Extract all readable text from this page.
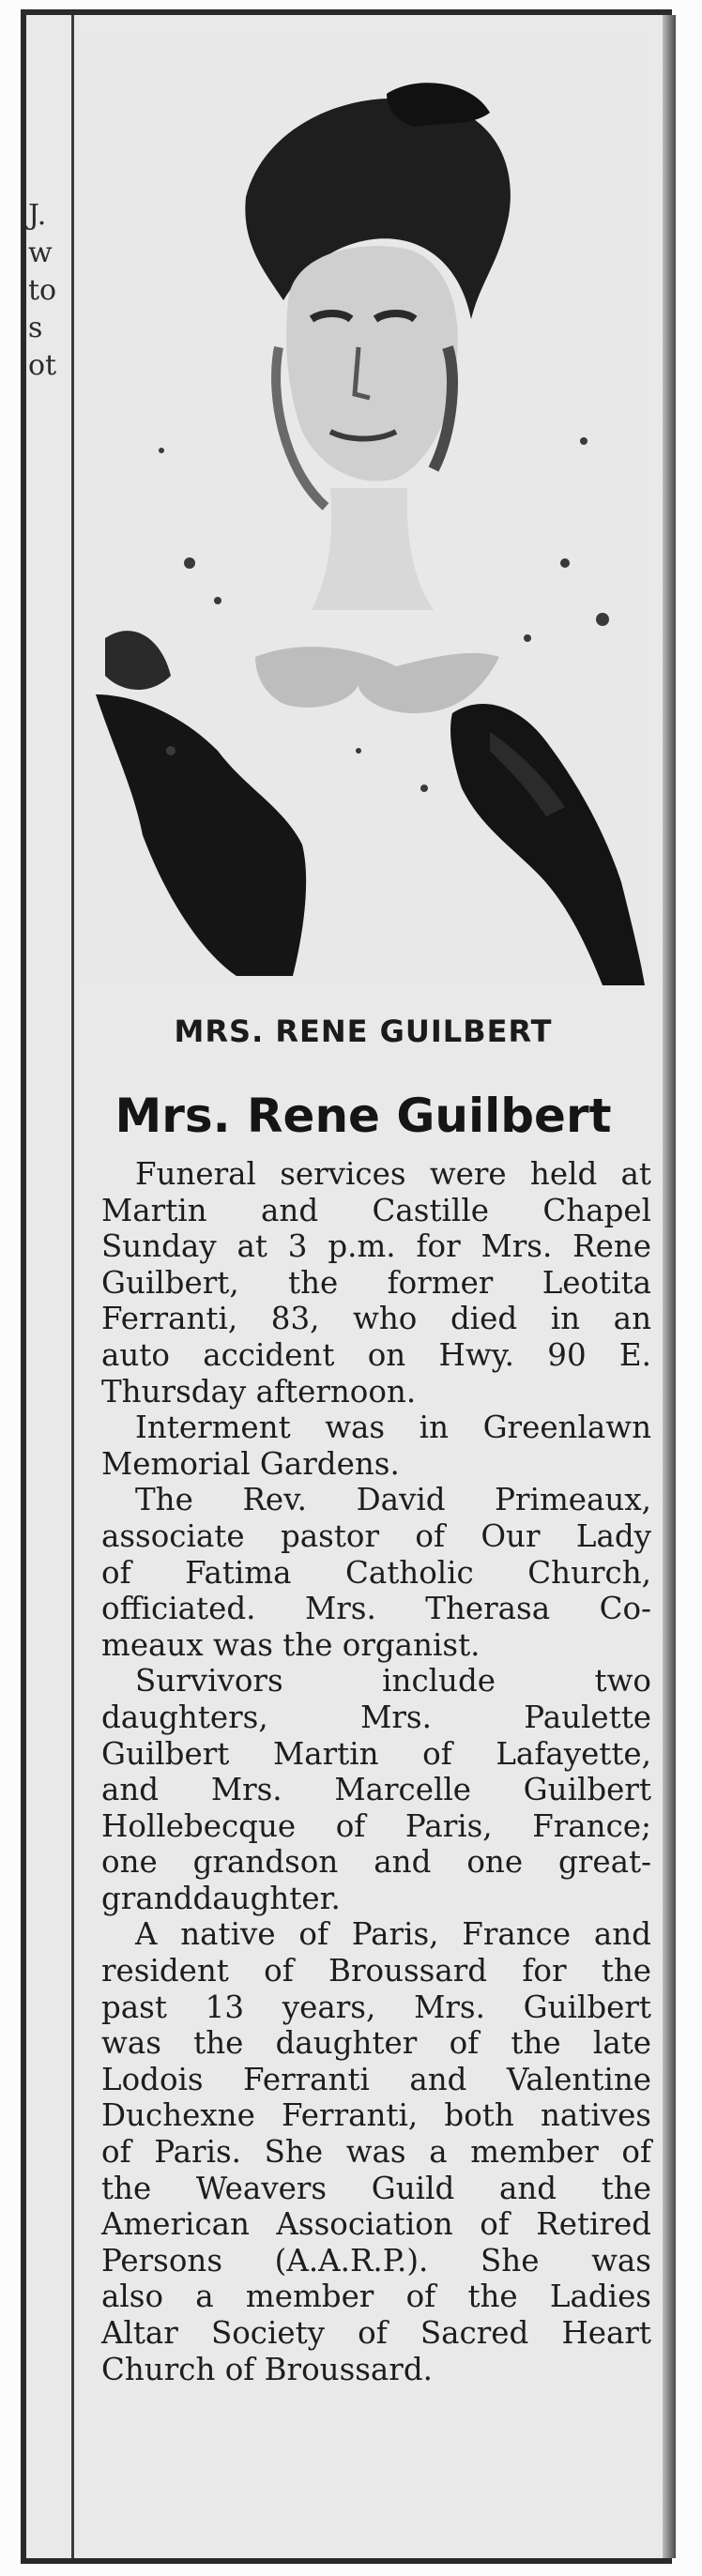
J.
w
to
s
ot
MRS. RENE GUILBERT
Mrs. Rene Guilbert

Funeral services were held at
Martin and Castille Chapel
Sunday at 3 p.m. for Mrs. Rene
Guilbert, the former Leotita
Ferranti, 83, who died in an
auto accident on Hwy. 90 E.
Thursday afternoon.

Interment was in Greenlawn
Memorial Gardens.

The Rev. David Primeaux,
associate pastor of Our Lady
of Fatima Catholic Church,
officiated. Mrs. Therasa Co-
meaux was the organist.

Survivors include two
daughters, Mrs. Paulette
Guilbert Martin of Lafayette,
and Mrs. Marcelle Guilbert
Hollebecque of Paris, France;
one grandson and one great-
granddaughter.

A native of Paris, France and
resident of Broussard for the
past 13 years, Mrs. Guilbert
was the daughter of the late
Lodois Ferranti and Valentine
Duchexne Ferranti, both natives
of Paris. She was a member of
the Weavers Guild and the
American Association of Retired
Persons (A.A.R.P.). She was
also a member of the Ladies
Altar Society of Sacred Heart
Church of Broussard.
